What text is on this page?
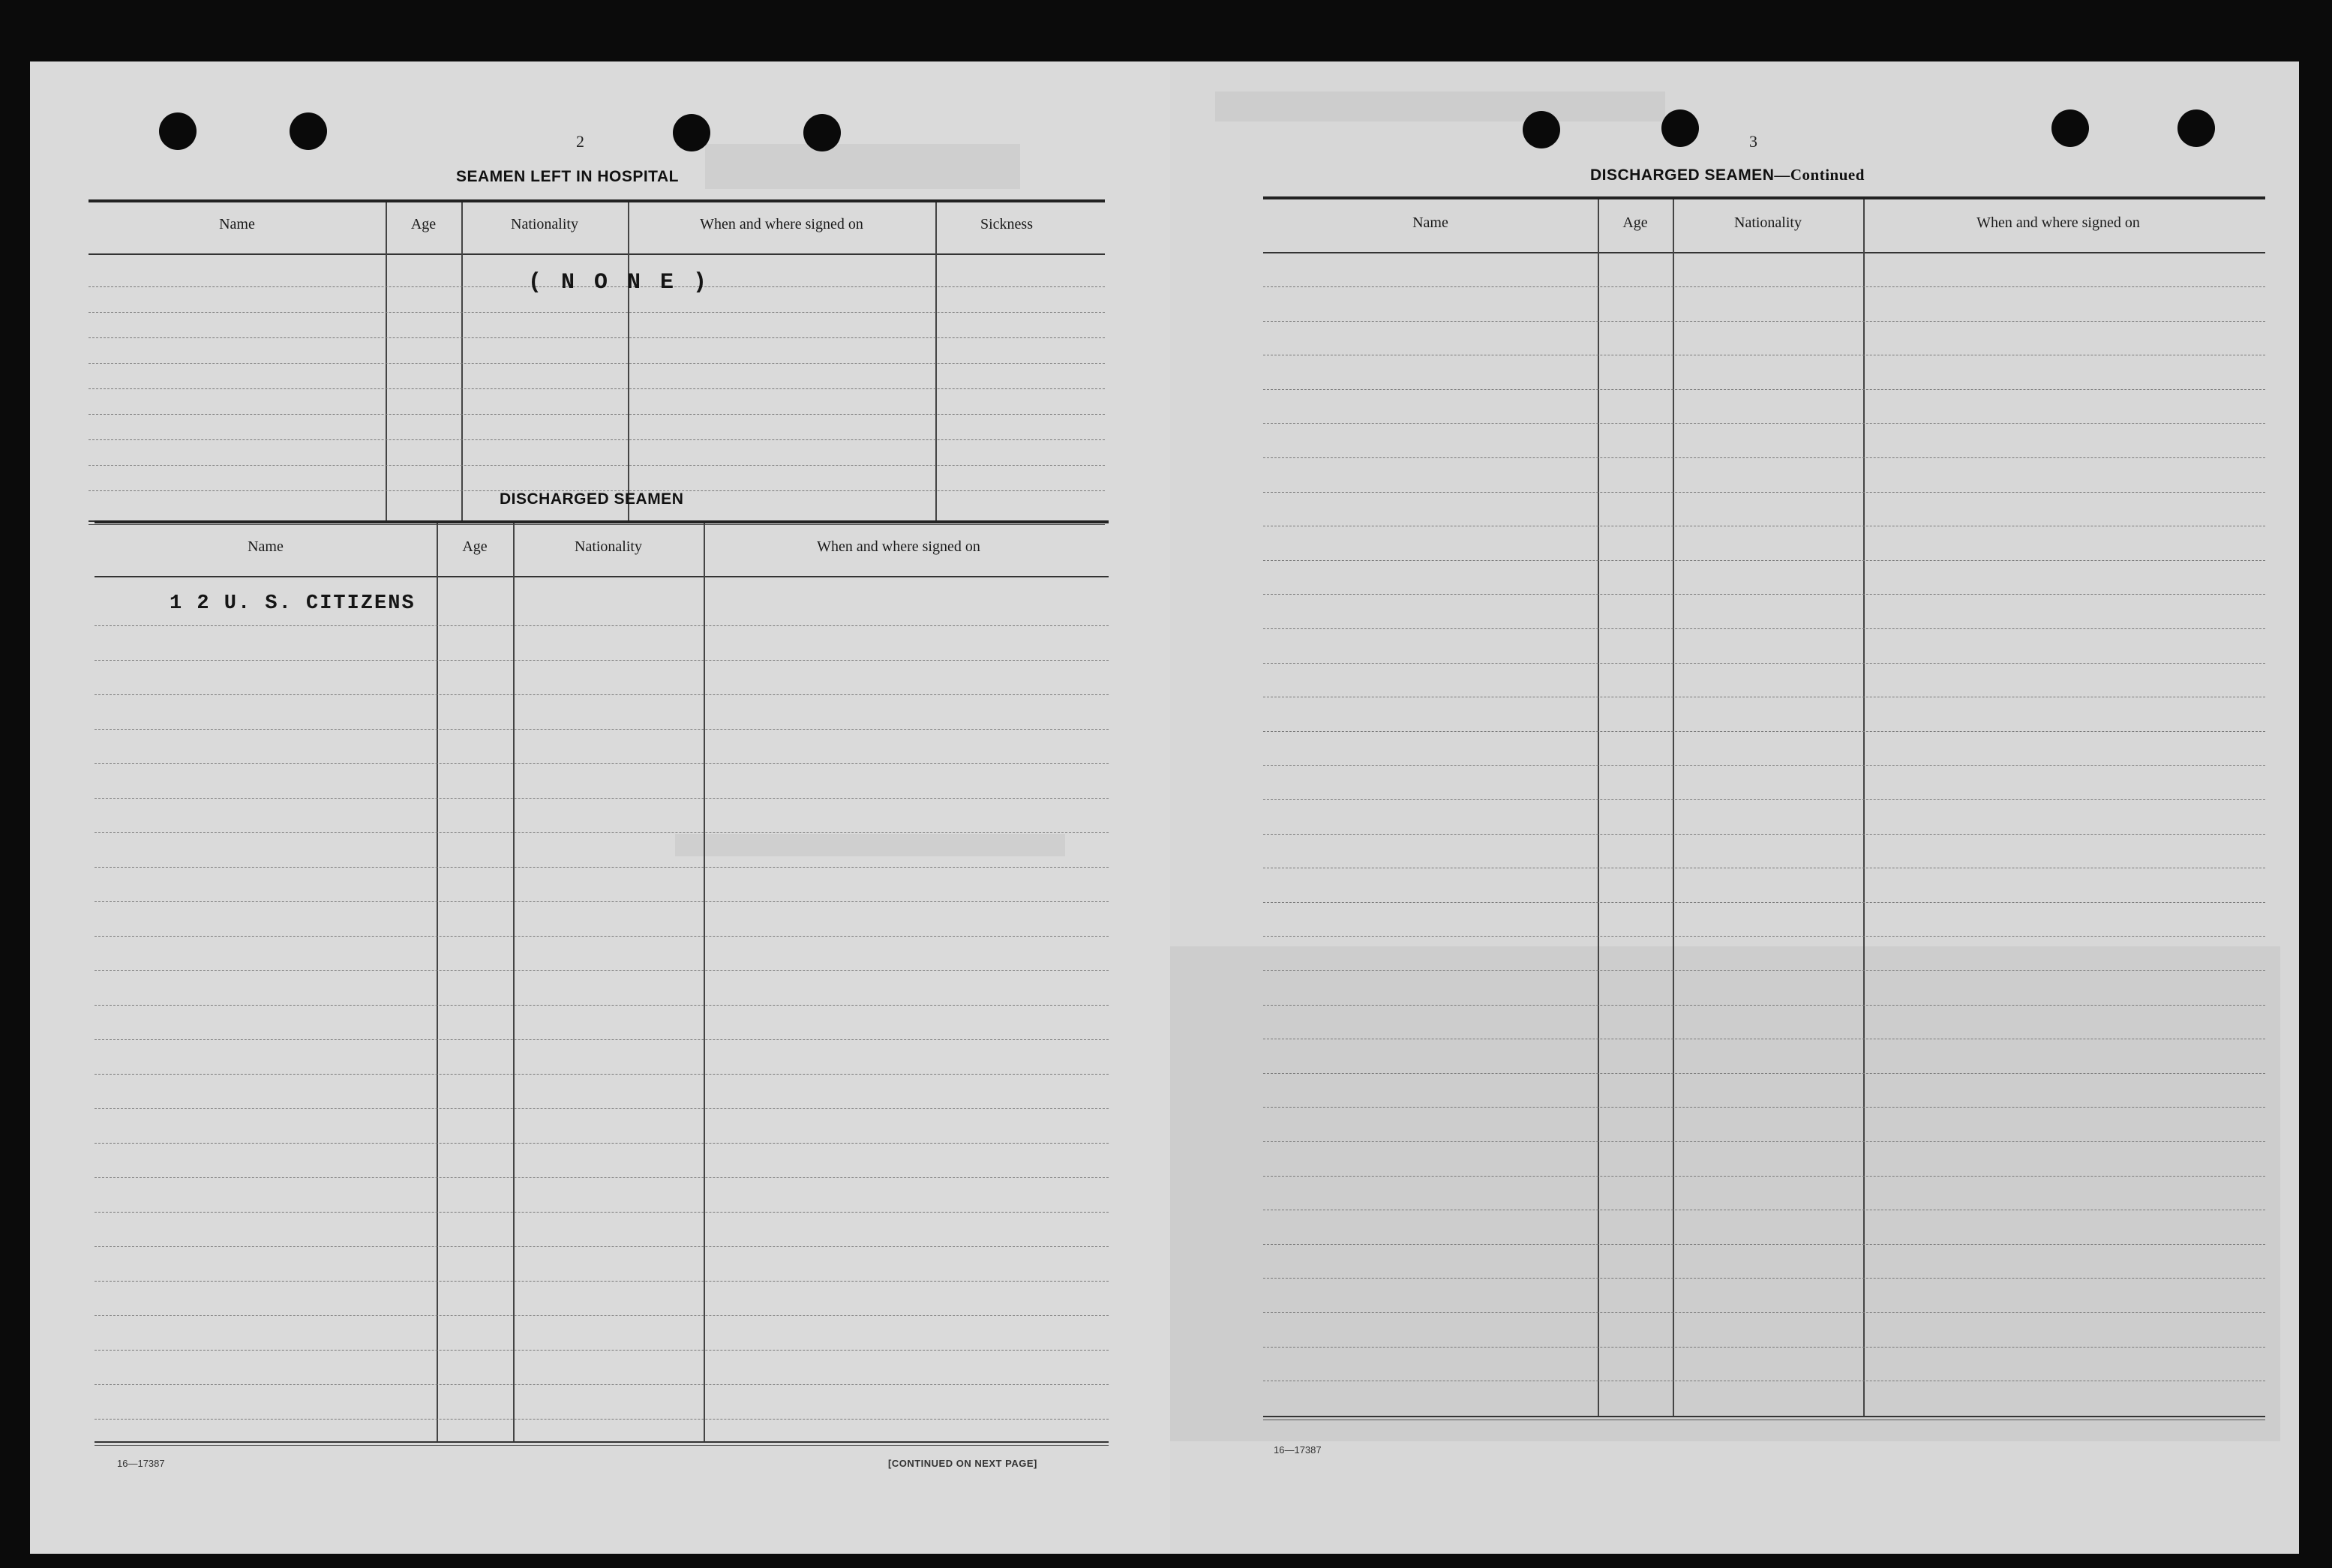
2
SEAMEN LEFT IN HOSPITAL
Name	Age	Nationality	When and where signed on	Sickness
( N O N E )
DISCHARGED SEAMEN
Name	Age	Nationality	When and where signed on
1 2 U. S. CITIZENS
16—17387	[CONTINUED ON NEXT PAGE]
3
DISCHARGED SEAMEN—Continued
Name	Age	Nationality	When and where signed on
16—17387
